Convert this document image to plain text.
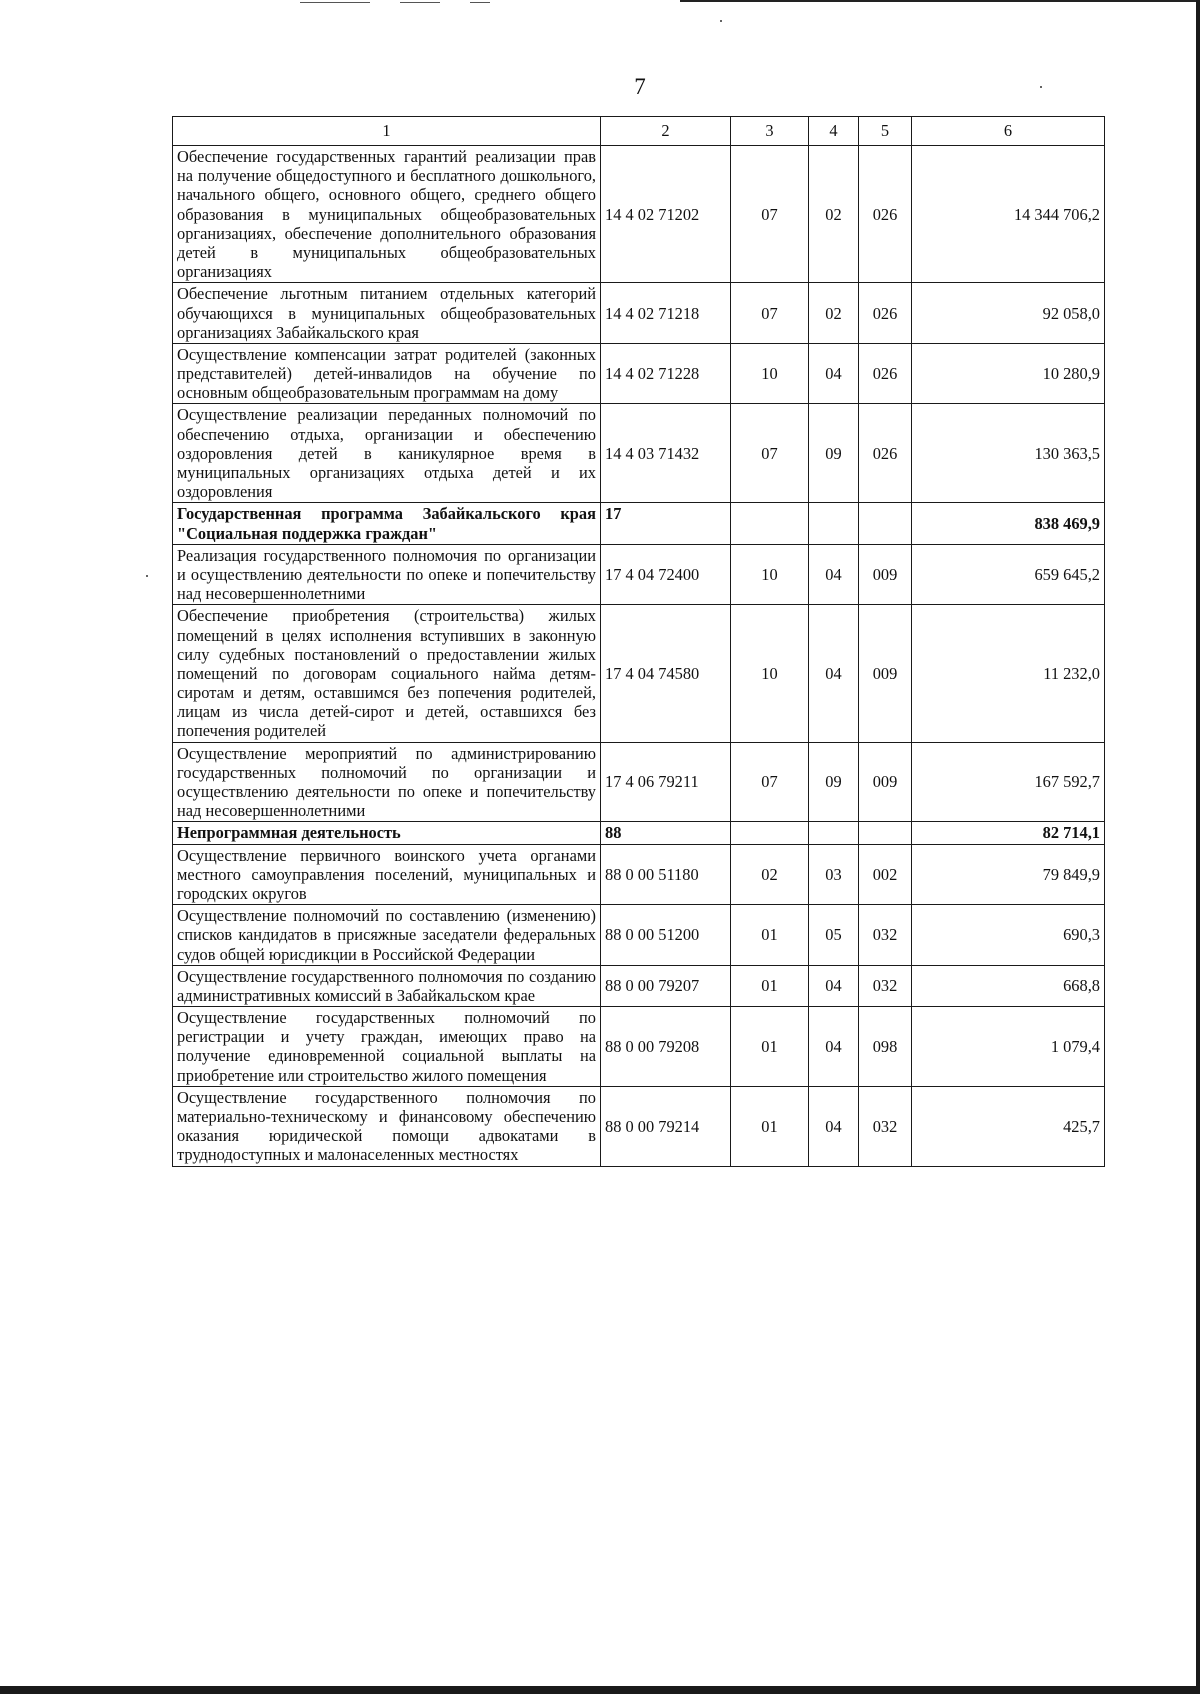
7
1	2	3	4	5	6
Обеспечение государственных гарантий реализации прав на получение общедоступного и бесплатного дошкольного, начального общего, основного общего, среднего общего образования в муниципальных общеобразовательных организациях, обеспечение дополнительного образования детей в муниципальных общеобразовательных организациях	14 4 02 71202	07	02	026	14 344 706,2
Обеспечение льготным питанием отдельных категорий обучающихся в муниципальных общеобразовательных организациях Забайкальского края	14 4 02 71218	07	02	026	92 058,0
Осуществление компенсации затрат родителей (законных представителей) детей-инвалидов на обучение по основным общеобразовательным программам на дому	14 4 02 71228	10	04	026	10 280,9
Осуществление реализации переданных полномочий по обеспечению отдыха, организации и обеспечению оздоровления детей в каникулярное время в муниципальных организациях отдыха детей и их оздоровления	14 4 03 71432	07	09	026	130 363,5
Государственная программа Забайкальского края "Социальная поддержка граждан"	17				838 469,9
Реализация государственного полномочия по организации и осуществлению деятельности по опеке и попечительству над несовершеннолетними	17 4 04 72400	10	04	009	659 645,2
Обеспечение приобретения (строительства) жилых помещений в целях исполнения вступивших в законную силу судебных постановлений о предоставлении жилых помещений по договорам социального найма детям-сиротам и детям, оставшимся без попечения родителей, лицам из числа детей-сирот и детей, оставшихся без попечения родителей	17 4 04 74580	10	04	009	11 232,0
Осуществление мероприятий по администрированию государственных полномочий по организации и осуществлению деятельности по опеке и попечительству над несовершеннолетними	17 4 06 79211	07	09	009	167 592,7
Непрограммная деятельность	88				82 714,1
Осуществление первичного воинского учета органами местного самоуправления поселений, муниципальных и городских округов	88 0 00 51180	02	03	002	79 849,9
Осуществление полномочий по составлению (изменению) списков кандидатов в присяжные заседатели федеральных судов общей юрисдикции в Российской Федерации	88 0 00 51200	01	05	032	690,3
Осуществление государственного полномочия по созданию административных комиссий в Забайкальском крае	88 0 00 79207	01	04	032	668,8
Осуществление государственных полномочий по регистрации и учету граждан, имеющих право на получение единовременной социальной выплаты на приобретение или строительство жилого помещения	88 0 00 79208	01	04	098	1 079,4
Осуществление государственного полномочия по материально-техническому и финансовому обеспечению оказания юридической помощи адвокатами в труднодоступных и малонаселенных местностях	88 0 00 79214	01	04	032	425,7
